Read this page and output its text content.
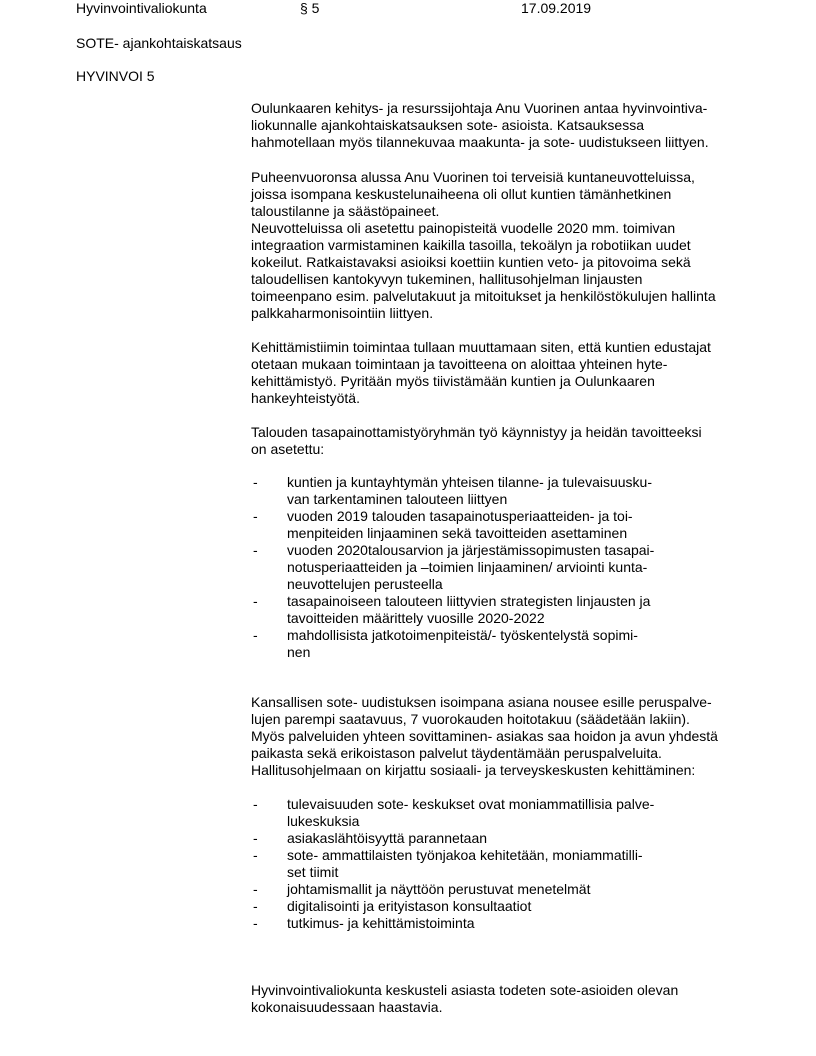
Hyvinvointivaliokunta	§ 5	17.09.2019
SOTE- ajankohtaiskatsaus
HYVINVOI 5
Oulunkaaren kehitys- ja resurssijohtaja Anu Vuorinen antaa hyvinvointiva-
liokunnalle ajankohtaiskatsauksen sote- asioista. Katsauksessa
hahmotellaan myös tilannekuvaa maakunta- ja sote- uudistukseen liittyen.
Puheenvuoronsa alussa Anu Vuorinen toi terveisiä kuntaneuvotteluissa,
joissa isompana keskustelunaiheena oli ollut kuntien tämänhetkinen
taloustilanne ja säästöpaineet.
Neuvotteluissa oli asetettu painopisteitä vuodelle 2020 mm. toimivan
integraation varmistaminen kaikilla tasoilla, tekoälyn ja robotiikan uudet
kokeilut. Ratkaistavaksi asioiksi koettiin kuntien veto- ja pitovoima sekä
taloudellisen kantokyvyn tukeminen, hallitusohjelman linjausten
toimeenpano esim. palvelutakuut ja mitoitukset ja henkilöstökulujen hallinta
palkkaharmonisointiin liittyen.
Kehittämistiimin toimintaa tullaan muuttamaan siten, että kuntien edustajat
otetaan mukaan toimintaan ja tavoitteena on aloittaa yhteinen hyte-
kehittämistyö. Pyritään myös tiivistämään kuntien ja Oulunkaaren
hankeyhteistyötä.
Talouden tasapainottamistyöryhmän työ käynnistyy ja heidän tavoitteeksi
on asetettu:
- kuntien ja kuntayhtymän yhteisen tilanne- ja tulevaisuusku-
van tarkentaminen talouteen liittyen
- vuoden 2019 talouden tasapainotusperiaatteiden- ja toi-
menpiteiden linjaaminen sekä tavoitteiden asettaminen
- vuoden 2020talousarvion ja järjestämissopimusten tasapai-
notusperiaatteiden ja –toimien linjaaminen/ arviointi kunta-
neuvottelujen perusteella
- tasapainoiseen talouteen liittyvien strategisten linjausten ja
tavoitteiden määrittely vuosille 2020-2022
- mahdollisista jatkotoimenpiteistä/- työskentelystä sopimi-
nen
Kansallisen sote- uudistuksen isoimpana asiana nousee esille peruspalve-
lujen parempi saatavuus, 7 vuorokauden hoitotakuu (säädetään lakiin).
Myös palveluiden yhteen sovittaminen- asiakas saa hoidon ja avun yhdestä
paikasta sekä erikoistason palvelut täydentämään peruspalveluita.
Hallitusohjelmaan on kirjattu sosiaali- ja terveyskeskusten kehittäminen:
- tulevaisuuden sote- keskukset ovat moniammatillisia palve-
lukeskuksia
- asiakaslähtöisyyttä parannetaan
- sote- ammattilaisten työnjakoa kehitetään, moniammatilli-
set tiimit
- johtamismallit ja näyttöön perustuvat menetelmät
- digitalisointi ja erityistason konsultaatiot
- tutkimus- ja kehittämistoiminta
Hyvinvointivaliokunta keskusteli asiasta todeten sote-asioiden olevan
kokonaisuudessaan haastavia.
